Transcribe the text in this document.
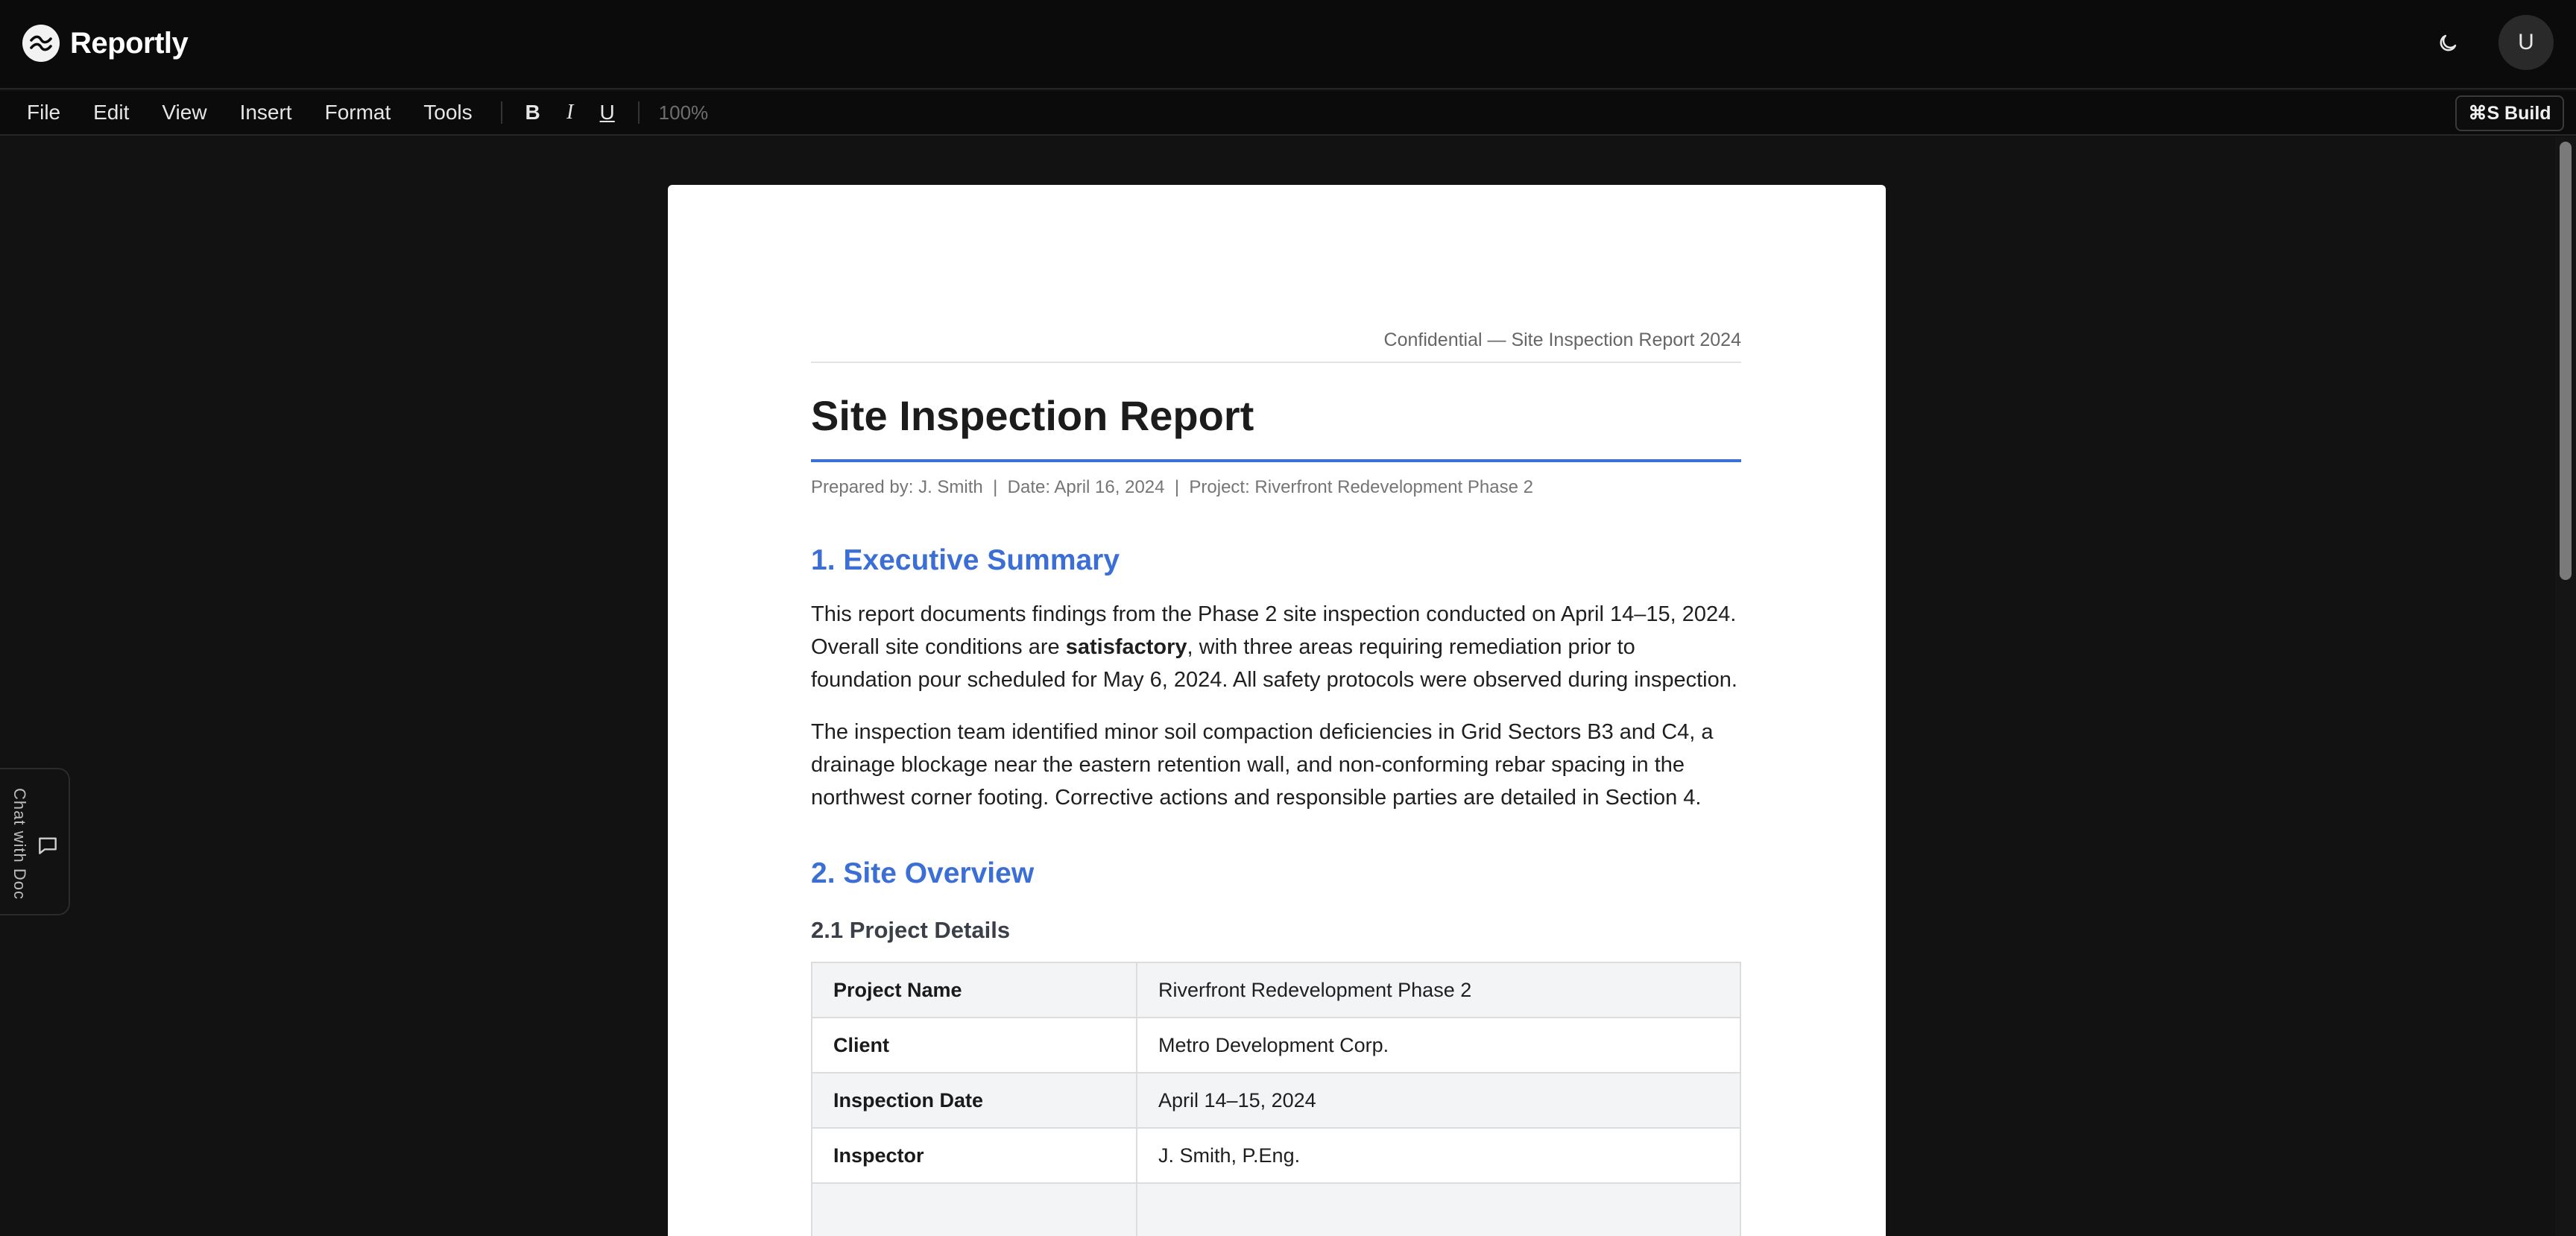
Reportly	U
File	Edit	View	Insert	Format	Tools	B	I	U	100%	⌘S Build
Confidential — Site Inspection Report 2024
Site Inspection Report
Prepared by: J. Smith  |  Date: April 16, 2024  |  Project: Riverfront Redevelopment Phase 2
1. Executive Summary

This report documents findings from the Phase 2 site inspection conducted on April 14–15, 2024. Overall site conditions are satisfactory, with three areas requiring remediation prior to foundation pour scheduled for May 6, 2024. All safety protocols were observed during inspection.

The inspection team identified minor soil compaction deficiencies in Grid Sectors B3 and C4, a drainage blockage near the eastern retention wall, and non-conforming rebar spacing in the northwest corner footing. Corrective actions and responsible parties are detailed in Section 4.

2. Site Overview
2.1 Project Details
Project Name	Riverfront Redevelopment Phase 2
Client	Metro Development Corp.
Inspection Date	April 14–15, 2024
Inspector	J. Smith, P.Eng.

Chat with Doc
